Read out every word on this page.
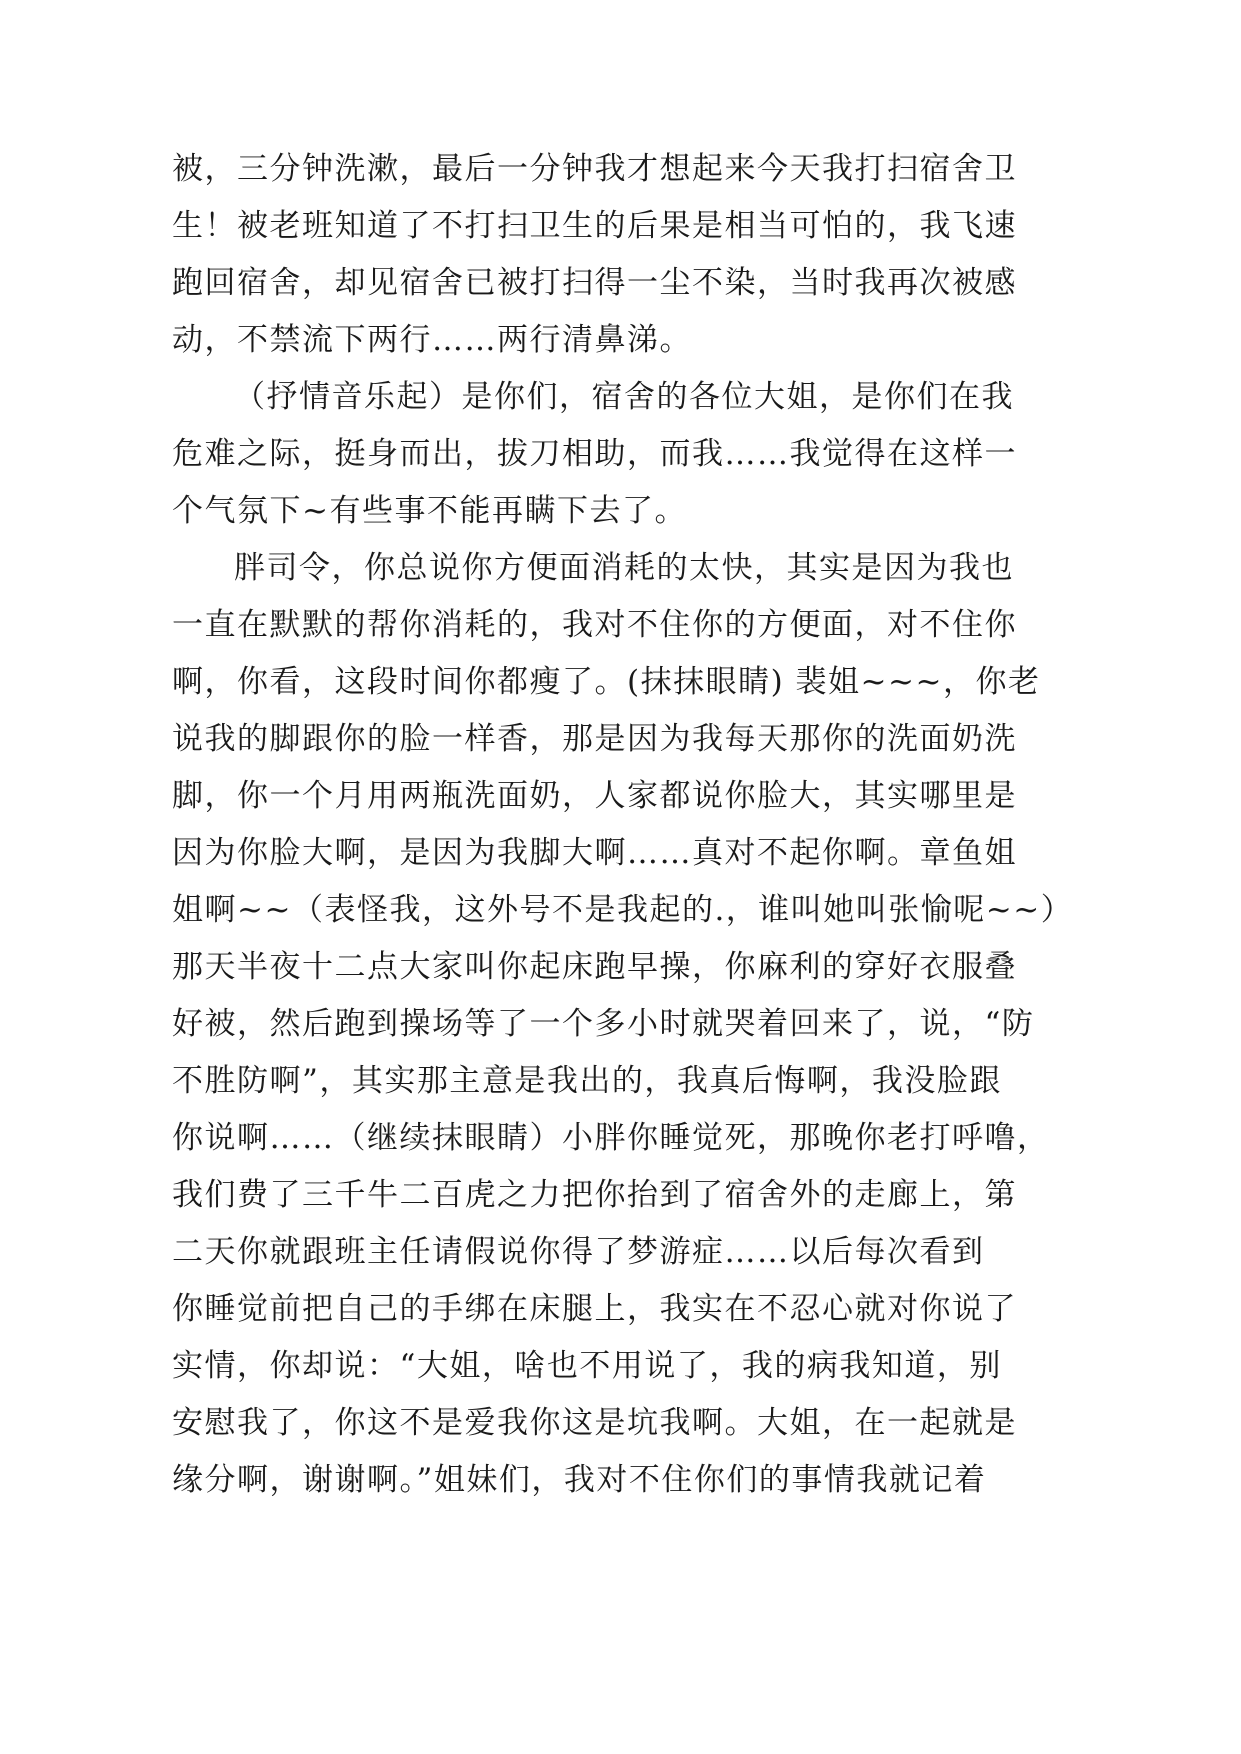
被，三分钟洗漱，最后一分钟我才想起来今天我打扫宿舍卫
生！被老班知道了不打扫卫生的后果是相当可怕的，我飞速
跑回宿舍，却见宿舍已被打扫得一尘不染，当时我再次被感
动，不禁流下两行……两行清鼻涕。
（抒情音乐起）是你们，宿舍的各位大姐，是你们在我
危难之际，挺身而出，拔刀相助，而我……我觉得在这样一
个气氛下~有些事不能再瞒下去了。
胖司令，你总说你方便面消耗的太快，其实是因为我也
一直在默默的帮你消耗的，我对不住你的方便面，对不住你
啊，你看，这段时间你都瘦了。(抹抹眼睛) 裴姐~~~，你老
说我的脚跟你的脸一样香，那是因为我每天那你的洗面奶洗
脚，你一个月用两瓶洗面奶，人家都说你脸大，其实哪里是
因为你脸大啊，是因为我脚大啊……真对不起你啊。章鱼姐
姐啊~~（表怪我，这外号不是我起的.，谁叫她叫张愉呢~~）
那天半夜十二点大家叫你起床跑早操，你麻利的穿好衣服叠
好被，然后跑到操场等了一个多小时就哭着回来了，说，“防
不胜防啊”，其实那主意是我出的，我真后悔啊，我没脸跟
你说啊……（继续抹眼睛）小胖你睡觉死，那晚你老打呼噜，
我们费了三千牛二百虎之力把你抬到了宿舍外的走廊上，第
二天你就跟班主任请假说你得了梦游症……以后每次看到
你睡觉前把自己的手绑在床腿上，我实在不忍心就对你说了
实情，你却说：“大姐，啥也不用说了，我的病我知道，别
安慰我了，你这不是爱我你这是坑我啊。大姐，在一起就是
缘分啊，谢谢啊。”姐妹们，我对不住你们的事情我就记着
